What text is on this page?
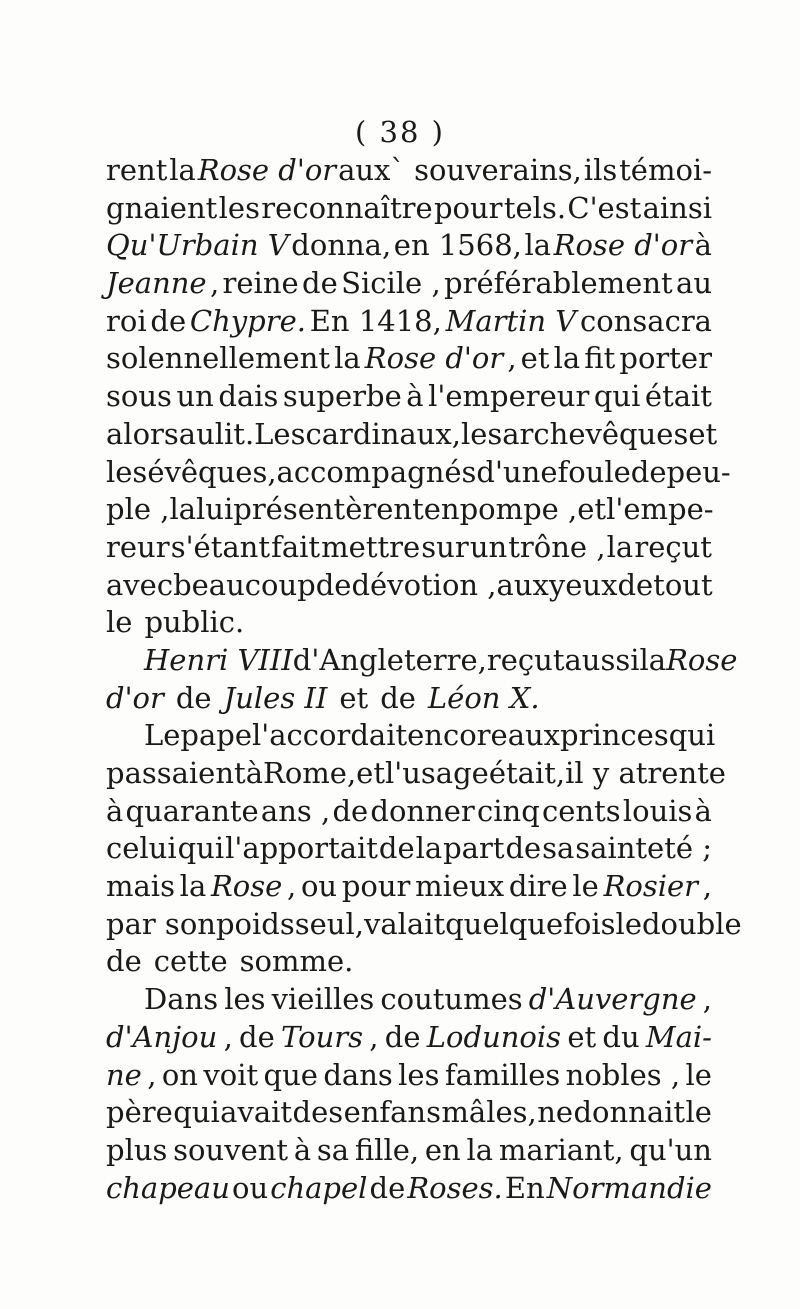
( 38 )
rent la Rose d'or aux` souverains, ils témoi-
gnaient les reconnaître pour tels. C'est ainsi
Qu'Urbain V donna, en 1568, la Rose d'or à
Jeanne , reine de Sicile , préférablement au
roi de Chypre. En 1418, Martin V consacra
solennellement la Rose d'or , et la fit porter
sous un dais superbe à l'empereur qui était
alors au lit. Les cardinaux, les archevêques et
les évêques, accompagnés d'une foule de peu-
ple , la lui présentèrent en pompe , et l'empe-
reur s'étant fait mettre sur un trône , la reçut
avec beaucoup de dévotion , aux yeux de tout
le public.
Henri VIII d'Angleterre, reçut aussi la Rose
d'or de Jules II et de Léon X.
Le pape l'accordait encore aux princes qui
passaient à Rome, et l'usage était, il y a trente
à quarante ans , de donner cinq cents louis à
celui qui l'apportait de la part de sa sainteté ;
mais la Rose , ou pour mieux dire le Rosier ,
par son poids seul, valait quelquefois le double
de cette somme.
Dans les vieilles coutumes d'Auvergne ,
d'Anjou , de Tours , de Lodunois et du Mai-
ne , on voit que dans les familles nobles , le
père qui avait des enfans mâles, ne donnait le
plus souvent à sa fille, en la mariant, qu'un
chapeau ou chapel de Roses. En Normandie
